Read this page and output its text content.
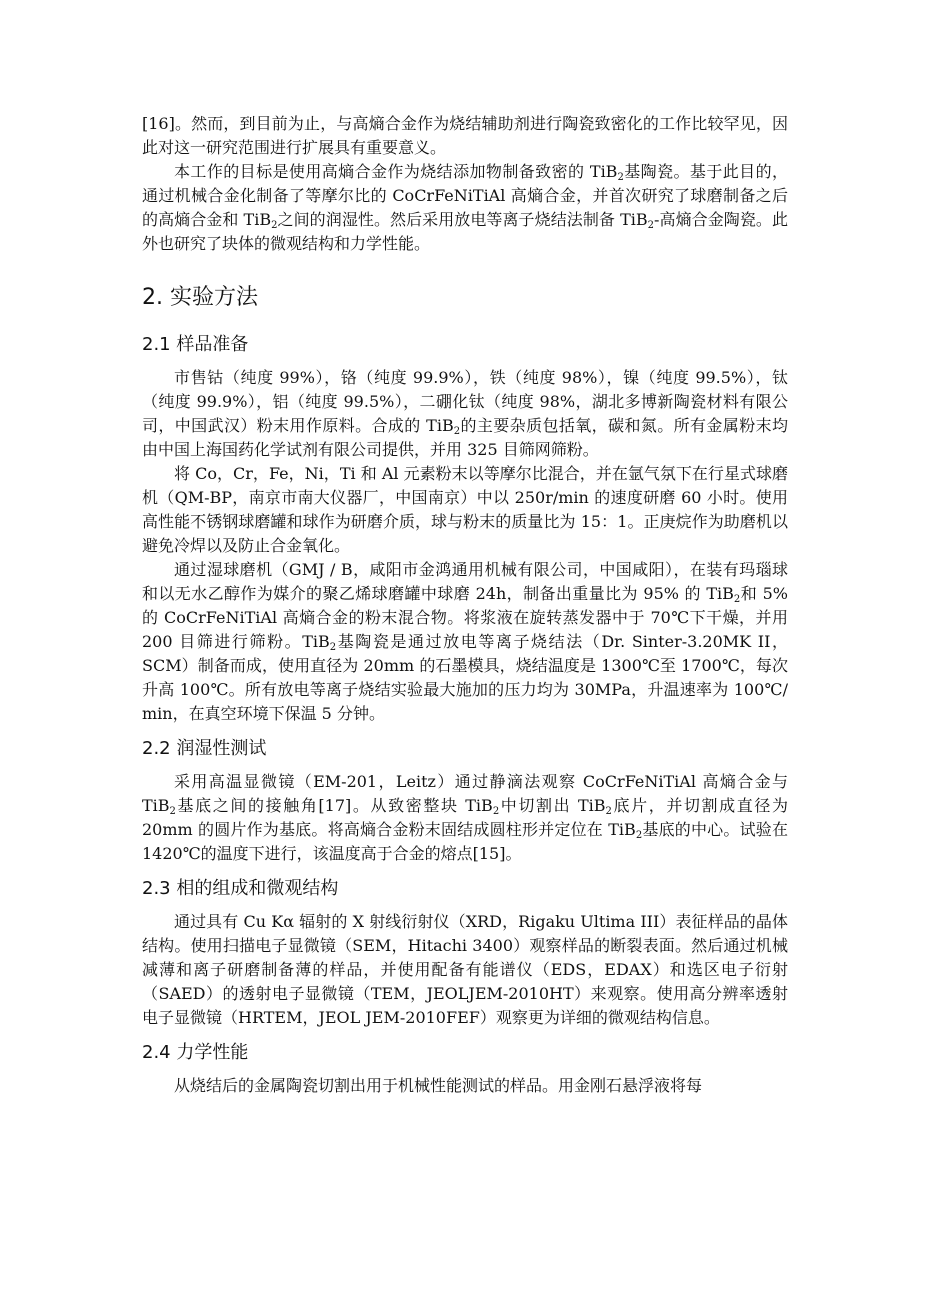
[16]。然而，到目前为止，与高熵合金作为烧结辅助剂进行陶瓷致密化的工作比较罕见，因此对这一研究范围进行扩展具有重要意义。

本工作的目标是使用高熵合金作为烧结添加物制备致密的 TiB$_2$基陶瓷。基于此目的，通过机械合金化制备了等摩尔比的 CoCrFeNiTiAl 高熵合金，并首次研究了球磨制备之后的高熵合金和 TiB$_2$之间的润湿性。然后采用放电等离子烧结法制备 TiB$_2$-高熵合金陶瓷。此外也研究了块体的微观结构和力学性能。

2. 实验方法
2.1 样品准备

市售钴（纯度 99%），铬（纯度 99.9%），铁（纯度 98%），镍（纯度 99.5%），钛（纯度 99.9%），铝（纯度 99.5%），二硼化钛（纯度 98%，湖北多博新陶瓷材料有限公司，中国武汉）粉末用作原料。合成的 TiB$_2$的主要杂质包括氧，碳和氮。所有金属粉末均由中国上海国药化学试剂有限公司提供，并用 325 目筛网筛粉。

将 Co，Cr，Fe，Ni，Ti 和 Al 元素粉末以等摩尔比混合，并在氩气氛下在行星式球磨机（QM-BP，南京市南大仪器厂，中国南京）中以 250r/min 的速度研磨 60 小时。使用高性能不锈钢球磨罐和球作为研磨介质，球与粉末的质量比为 15：1。正庚烷作为助磨机以避免冷焊以及防止合金氧化。

通过湿球磨机（GMJ / B，咸阳市金鸿通用机械有限公司，中国咸阳），在装有玛瑙球和以无水乙醇作为媒介的聚乙烯球磨罐中球磨 24h，制备出重量比为 95% 的 TiB$_2$和 5% 的 CoCrFeNiTiAl 高熵合金的粉末混合物。将浆液在旋转蒸发器中于 70℃下干燥，并用 200 目筛进行筛粉。TiB$_2$基陶瓷是通过放电等离子烧结法（Dr. Sinter-3.20MK II，SCM）制备而成，使用直径为 20mm 的石墨模具，烧结温度是 1300℃至 1700℃，每次升高 100℃。所有放电等离子烧结实验最大施加的压力均为 30MPa，升温速率为 100℃/ min，在真空环境下保温 5 分钟。

2.2 润湿性测试

采用高温显微镜（EM-201，Leitz）通过静滴法观察 CoCrFeNiTiAl 高熵合金与 TiB$_2$基底之间的接触角[17]。从致密整块 TiB$_2$中切割出 TiB$_2$底片，并切割成直径为 20mm 的圆片作为基底。将高熵合金粉末固结成圆柱形并定位在 TiB$_2$基底的中心。试验在 1420℃的温度下进行，该温度高于合金的熔点[15]。

2.3 相的组成和微观结构

通过具有 Cu Kα 辐射的 X 射线衍射仪（XRD，Rigaku Ultima III）表征样品的晶体结构。使用扫描电子显微镜（SEM，Hitachi 3400）观察样品的断裂表面。然后通过机械减薄和离子研磨制备薄的样品，并使用配备有能谱仪（EDS，EDAX）和选区电子衍射（SAED）的透射电子显微镜（TEM，JEOLJEM-2010HT）来观察。使用高分辨率透射电子显微镜（HRTEM，JEOL JEM-2010FEF）观察更为详细的微观结构信息。

2.4 力学性能

从烧结后的金属陶瓷切割出用于机械性能测试的样品。用金刚石悬浮液将每
